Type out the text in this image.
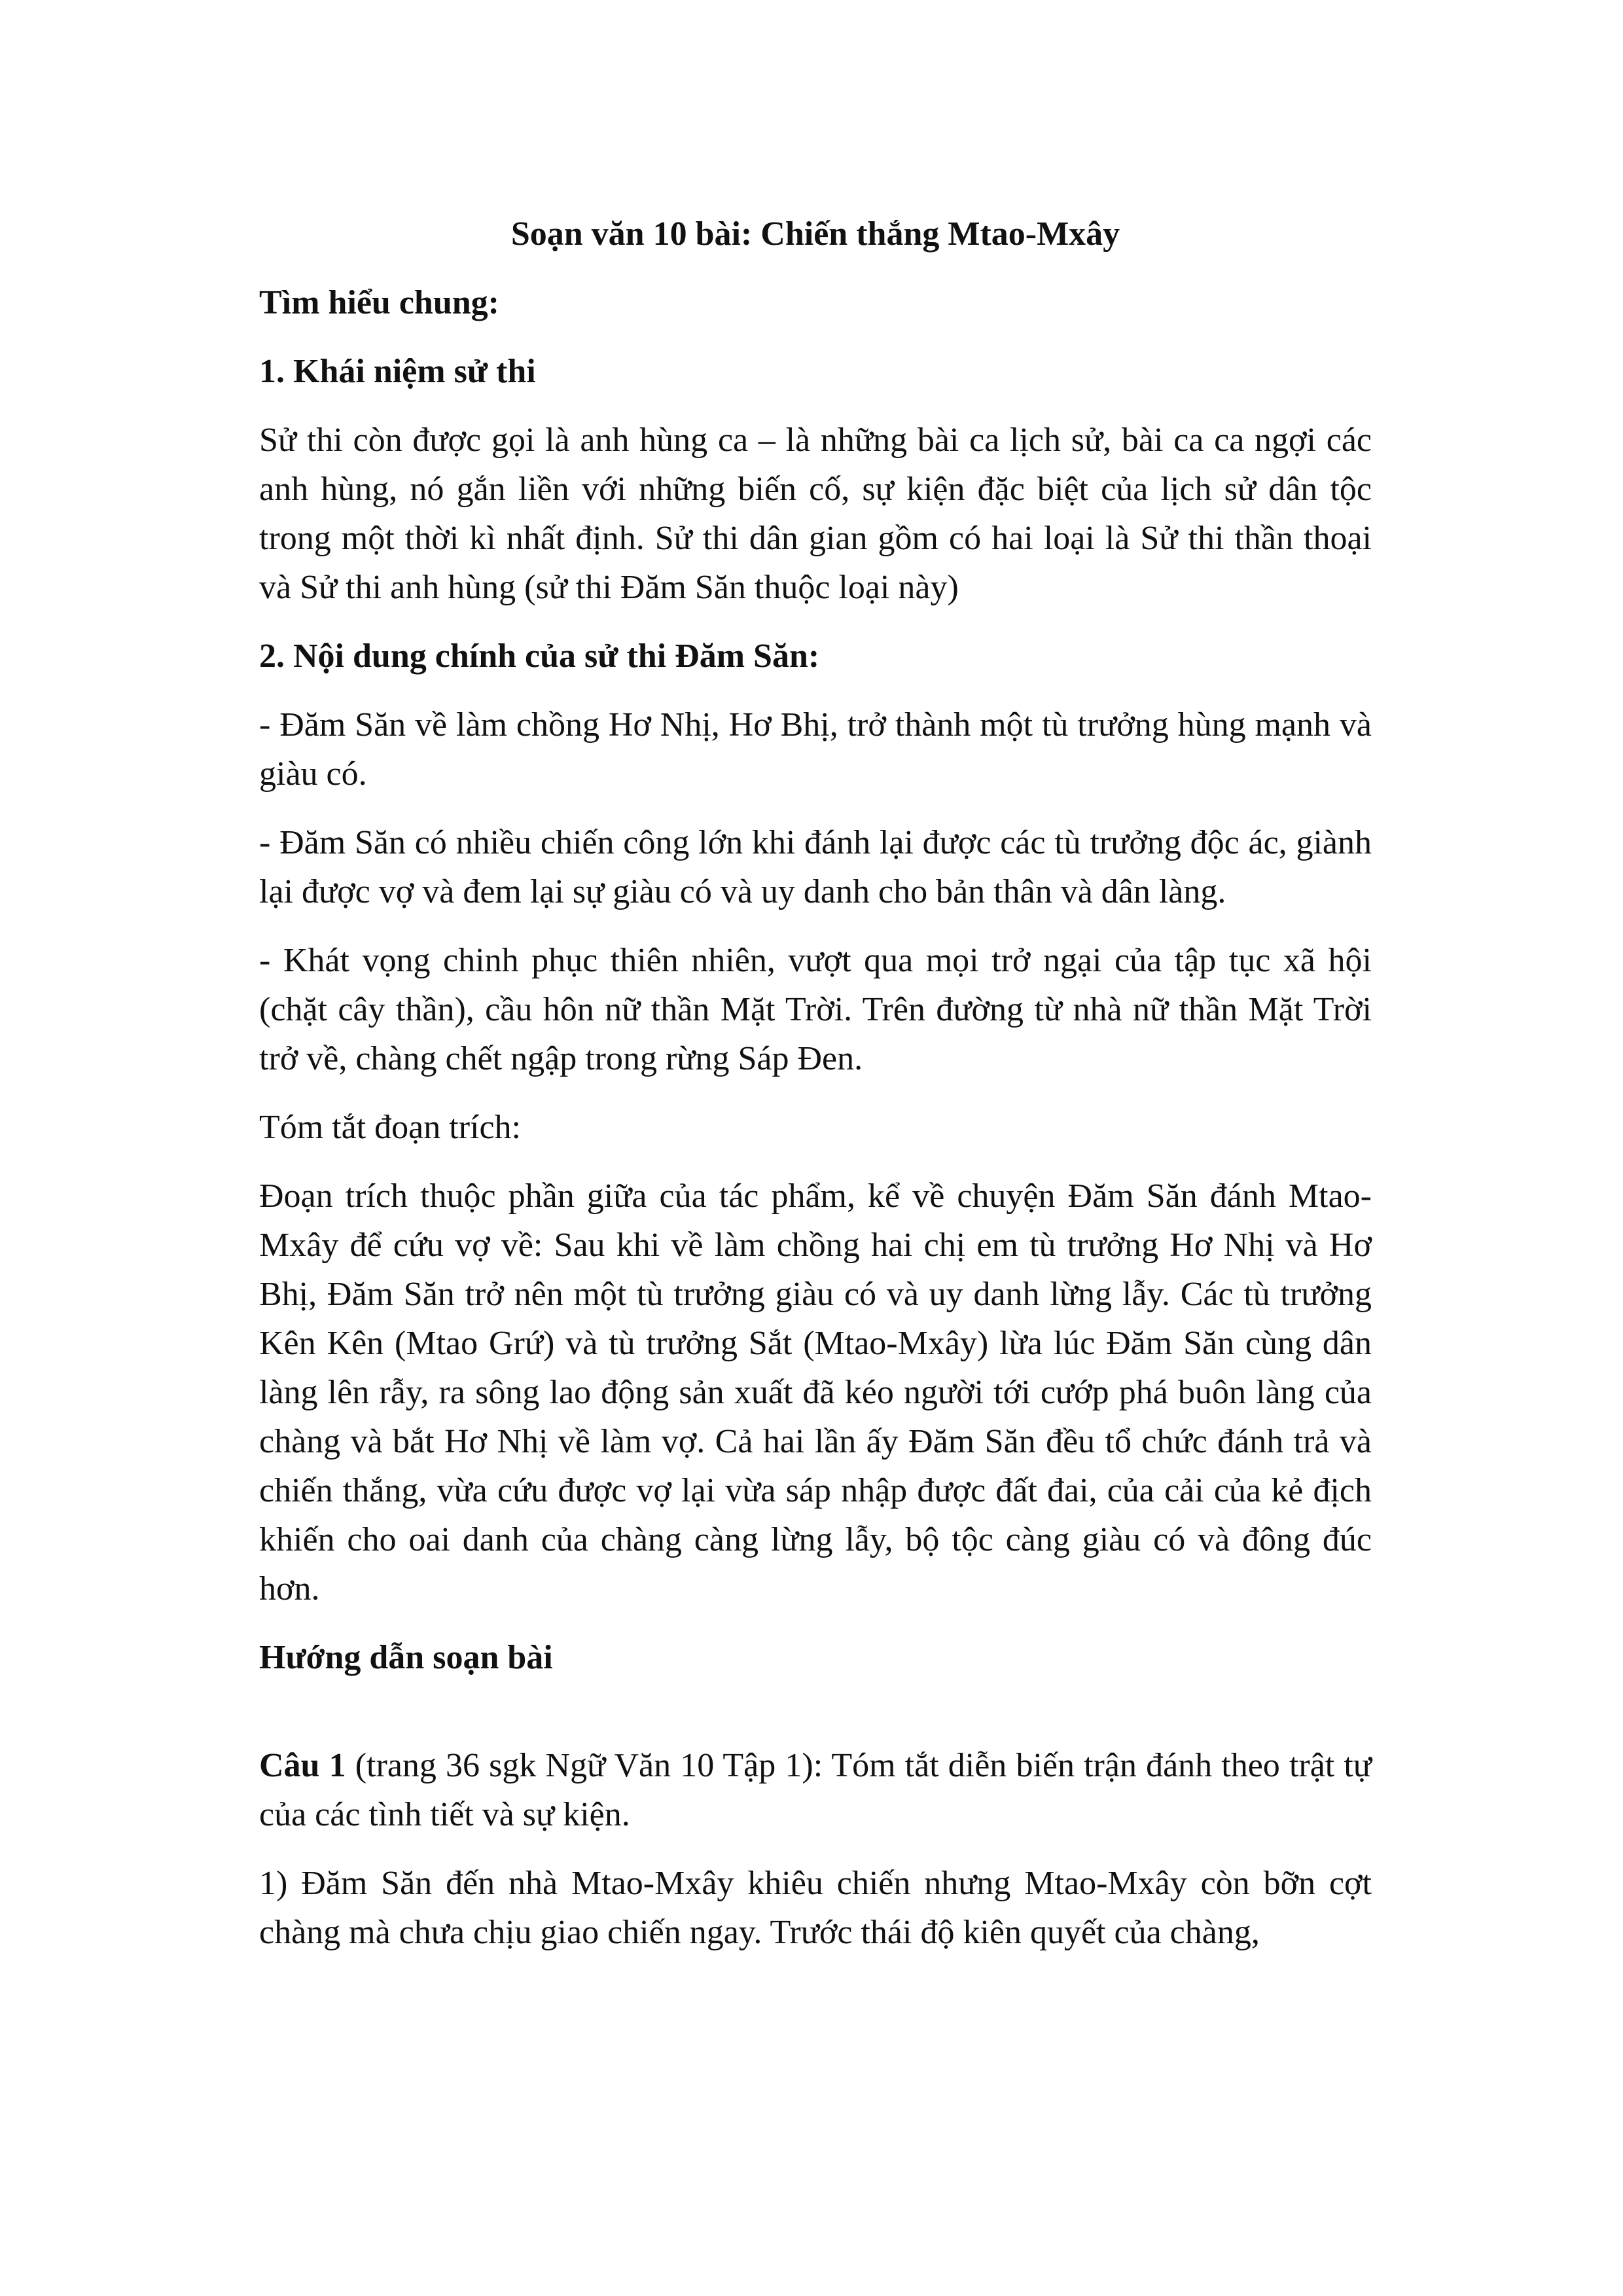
Soạn văn 10 bài: Chiến thắng Mtao-Mxây
Tìm hiểu chung:
1. Khái niệm sử thi

Sử thi còn được gọi là anh hùng ca – là những bài ca lịch sử, bài ca ca ngợi các anh hùng, nó gắn liền với những biến cố, sự kiện đặc biệt của lịch sử dân tộc trong một thời kì nhất định. Sử thi dân gian gồm có hai loại là Sử thi thần thoại và Sử thi anh hùng (sử thi Đăm Săn thuộc loại này)

2. Nội dung chính của sử thi Đăm Săn:

- Đăm Săn về làm chồng Hơ Nhị, Hơ Bhị, trở thành một tù trưởng hùng mạnh và giàu có.

- Đăm Săn có nhiều chiến công lớn khi đánh lại được các tù trưởng độc ác, giành lại được vợ và đem lại sự giàu có và uy danh cho bản thân và dân làng.

- Khát vọng chinh phục thiên nhiên, vượt qua mọi trở ngại của tập tục xã hội (chặt cây thần), cầu hôn nữ thần Mặt Trời. Trên đường từ nhà nữ thần Mặt Trời trở về, chàng chết ngập trong rừng Sáp Đen.

Tóm tắt đoạn trích:

Đoạn trích thuộc phần giữa của tác phẩm, kể về chuyện Đăm Săn đánh Mtao-Mxây để cứu vợ về: Sau khi về làm chồng hai chị em tù trưởng Hơ Nhị và Hơ Bhị, Đăm Săn trở nên một tù trưởng giàu có và uy danh lừng lẫy. Các tù trưởng Kên Kên (Mtao Grứ) và tù trưởng Sắt (Mtao-Mxây) lừa lúc Đăm Săn cùng dân làng lên rẫy, ra sông lao động sản xuất đã kéo người tới cướp phá buôn làng của chàng và bắt Hơ Nhị về làm vợ. Cả hai lần ấy Đăm Săn đều tổ chức đánh trả và chiến thắng, vừa cứu được vợ lại vừa sáp nhập được đất đai, của cải của kẻ địch khiến cho oai danh của chàng càng lừng lẫy, bộ tộc càng giàu có và đông đúc hơn.

Hướng dẫn soạn bài

Câu 1 (trang 36 sgk Ngữ Văn 10 Tập 1): Tóm tắt diễn biến trận đánh theo trật tự của các tình tiết và sự kiện.

1) Đăm Săn đến nhà Mtao-Mxây khiêu chiến nhưng Mtao-Mxây còn bỡn cợt chàng mà chưa chịu giao chiến ngay. Trước thái độ kiên quyết của chàng,
